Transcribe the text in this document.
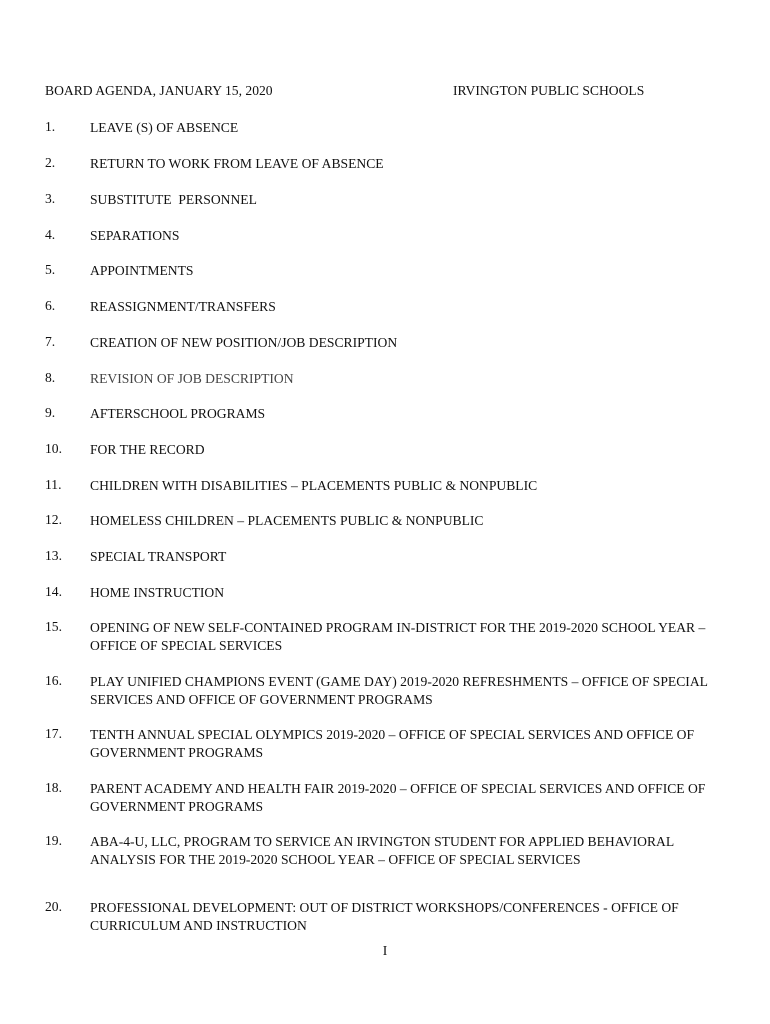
BOARD AGENDA, JANUARY 15, 2020	IRVINGTON PUBLIC SCHOOLS
1.	LEAVE (S) OF ABSENCE
2.	RETURN TO WORK FROM LEAVE OF ABSENCE
3.	SUBSTITUTE  PERSONNEL
4.	SEPARATIONS
5.	APPOINTMENTS
6.	REASSIGNMENT/TRANSFERS
7.	CREATION OF NEW POSITION/JOB DESCRIPTION
8.	REVISION OF JOB DESCRIPTION
9.	AFTERSCHOOL PROGRAMS
10.	FOR THE RECORD
11.	CHILDREN WITH DISABILITIES – PLACEMENTS PUBLIC & NONPUBLIC
12.	HOMELESS CHILDREN – PLACEMENTS PUBLIC & NONPUBLIC
13.	SPECIAL TRANSPORT
14.	HOME INSTRUCTION
15.	OPENING OF NEW SELF-CONTAINED PROGRAM IN-DISTRICT FOR THE 2019-2020 SCHOOL YEAR – OFFICE OF SPECIAL SERVICES
16.	PLAY UNIFIED CHAMPIONS EVENT (GAME DAY) 2019-2020 REFRESHMENTS – OFFICE OF SPECIAL SERVICES AND OFFICE OF GOVERNMENT PROGRAMS
17.	TENTH ANNUAL SPECIAL OLYMPICS 2019-2020 – OFFICE OF SPECIAL SERVICES AND OFFICE OF GOVERNMENT PROGRAMS
18.	PARENT ACADEMY AND HEALTH FAIR 2019-2020 – OFFICE OF SPECIAL SERVICES AND OFFICE OF GOVERNMENT PROGRAMS
19.	ABA-4-U, LLC, PROGRAM TO SERVICE AN IRVINGTON STUDENT FOR APPLIED BEHAVIORAL ANALYSIS FOR THE 2019-2020 SCHOOL YEAR – OFFICE OF SPECIAL SERVICES
20.	PROFESSIONAL DEVELOPMENT: OUT OF DISTRICT WORKSHOPS/CONFERENCES - OFFICE OF CURRICULUM AND INSTRUCTION
I
